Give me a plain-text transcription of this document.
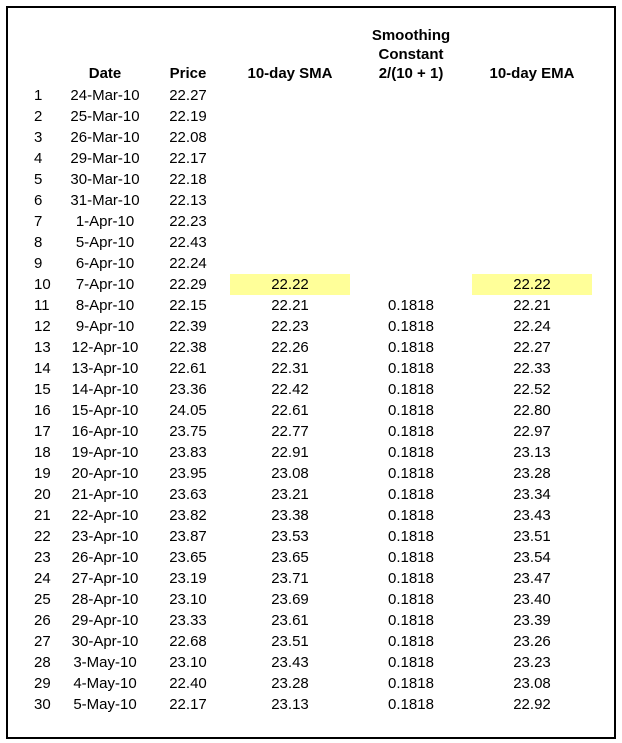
	Date	Price	10-day SMA	Smoothing
Constant
2/(10 + 1)	10-day EMA
1	24-Mar-10	22.27			
2	25-Mar-10	22.19			
3	26-Mar-10	22.08			
4	29-Mar-10	22.17			
5	30-Mar-10	22.18			
6	31-Mar-10	22.13			
7	1-Apr-10	22.23			
8	5-Apr-10	22.43			
9	6-Apr-10	22.24			
10	7-Apr-10	22.29	22.22		22.22
11	8-Apr-10	22.15	22.21	0.1818	22.21
12	9-Apr-10	22.39	22.23	0.1818	22.24
13	12-Apr-10	22.38	22.26	0.1818	22.27
14	13-Apr-10	22.61	22.31	0.1818	22.33
15	14-Apr-10	23.36	22.42	0.1818	22.52
16	15-Apr-10	24.05	22.61	0.1818	22.80
17	16-Apr-10	23.75	22.77	0.1818	22.97
18	19-Apr-10	23.83	22.91	0.1818	23.13
19	20-Apr-10	23.95	23.08	0.1818	23.28
20	21-Apr-10	23.63	23.21	0.1818	23.34
21	22-Apr-10	23.82	23.38	0.1818	23.43
22	23-Apr-10	23.87	23.53	0.1818	23.51
23	26-Apr-10	23.65	23.65	0.1818	23.54
24	27-Apr-10	23.19	23.71	0.1818	23.47
25	28-Apr-10	23.10	23.69	0.1818	23.40
26	29-Apr-10	23.33	23.61	0.1818	23.39
27	30-Apr-10	22.68	23.51	0.1818	23.26
28	3-May-10	23.10	23.43	0.1818	23.23
29	4-May-10	22.40	23.28	0.1818	23.08
30	5-May-10	22.17	23.13	0.1818	22.92
